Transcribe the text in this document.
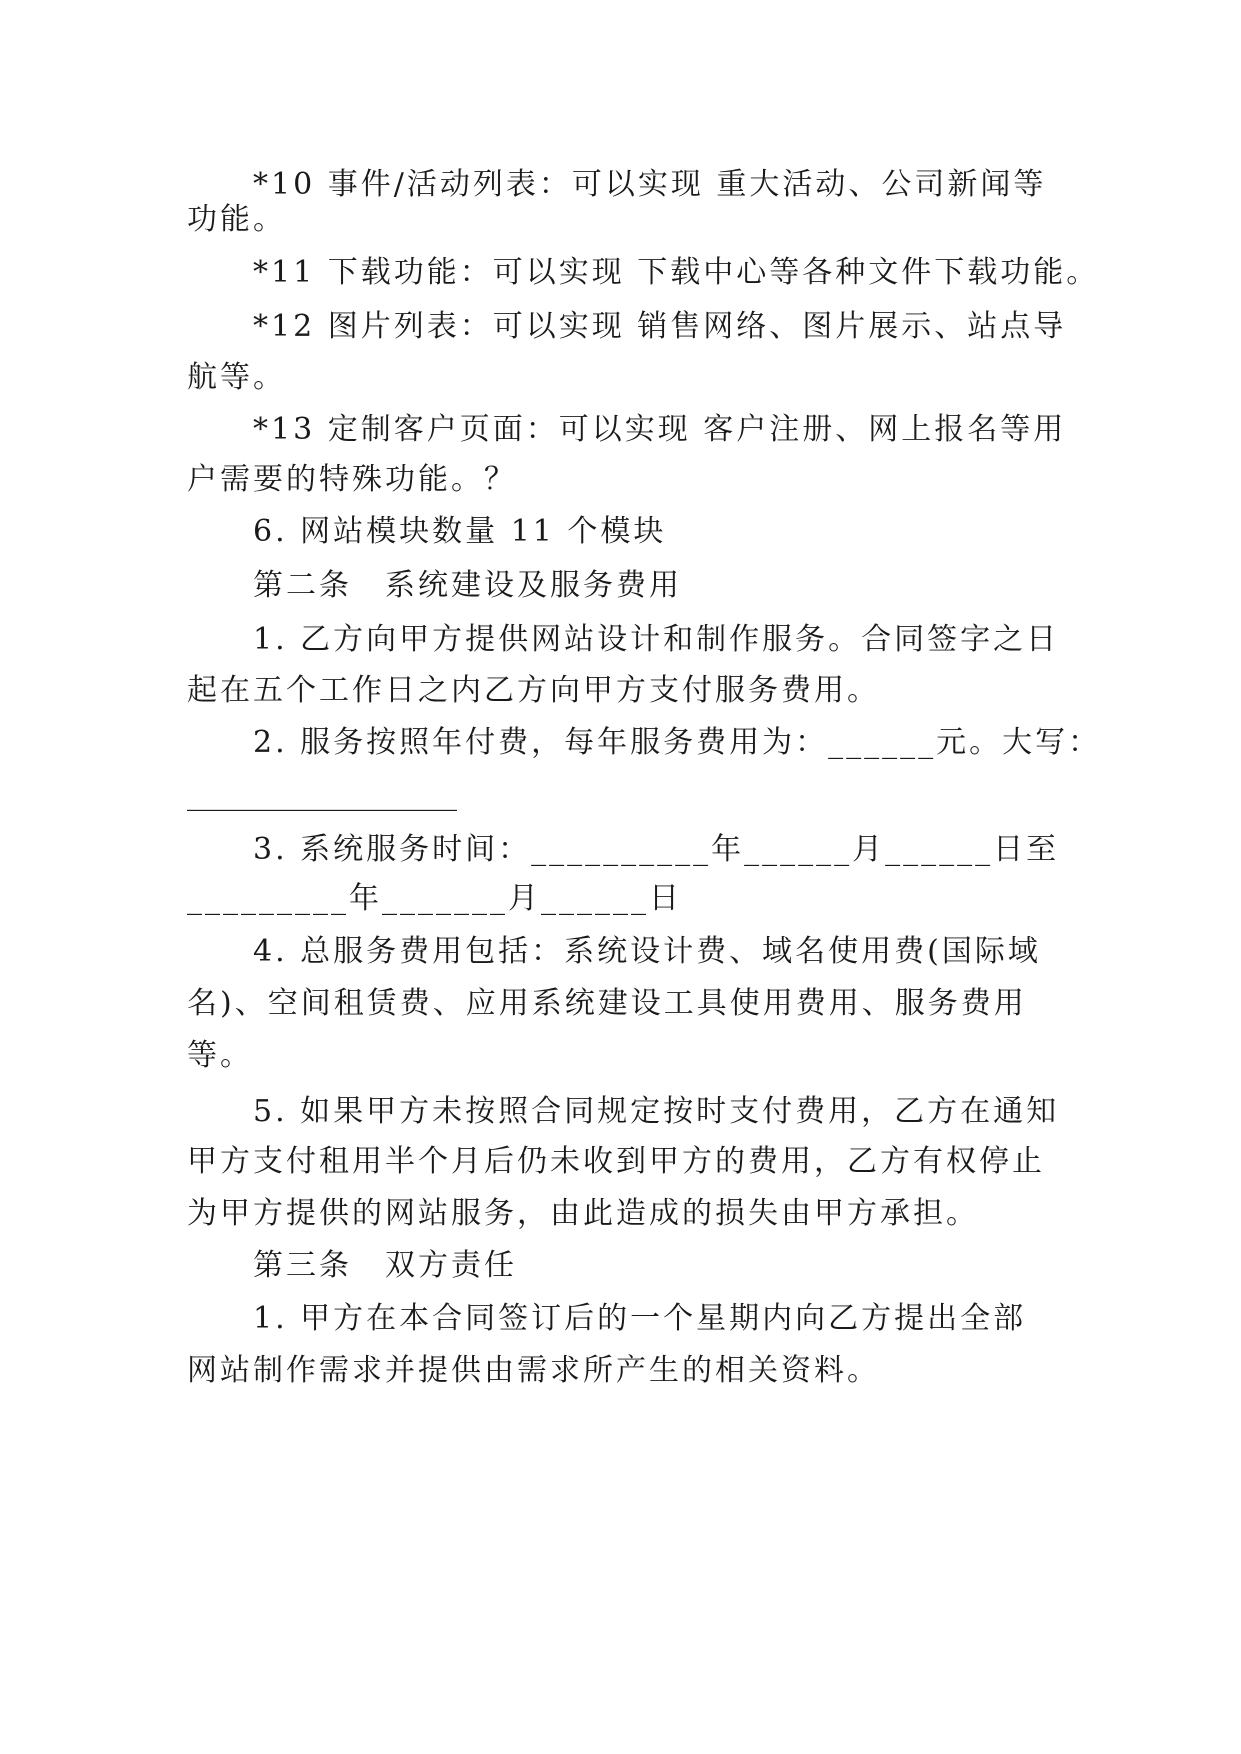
*10 事件/活动列表：可以实现 重大活动、公司新闻等
功能。
*11 下载功能：可以实现 下载中心等各种文件下载功能。
*12 图片列表：可以实现 销售网络、图片展示、站点导
航等。
*13 定制客户页面：可以实现 客户注册、网上报名等用
户需要的特殊功能。？
6. 网站模块数量 11 个模块
第二条　系统建设及服务费用
1. 乙方向甲方提供网站设计和制作服务。合同签字之日
起在五个工作日之内乙方向甲方支付服务费用。
2. 服务按照年付费，每年服务费用为：______元。大写：
__________________
3. 系统服务时间：__________年______月______日至
_________年_______月______日
4. 总服务费用包括：系统设计费、域名使用费(国际域
名)、空间租赁费、应用系统建设工具使用费用、服务费用
等。
5. 如果甲方未按照合同规定按时支付费用，乙方在通知
甲方支付租用半个月后仍未收到甲方的费用，乙方有权停止
为甲方提供的网站服务，由此造成的损失由甲方承担。
第三条　双方责任
1. 甲方在本合同签订后的一个星期内向乙方提出全部
网站制作需求并提供由需求所产生的相关资料。
